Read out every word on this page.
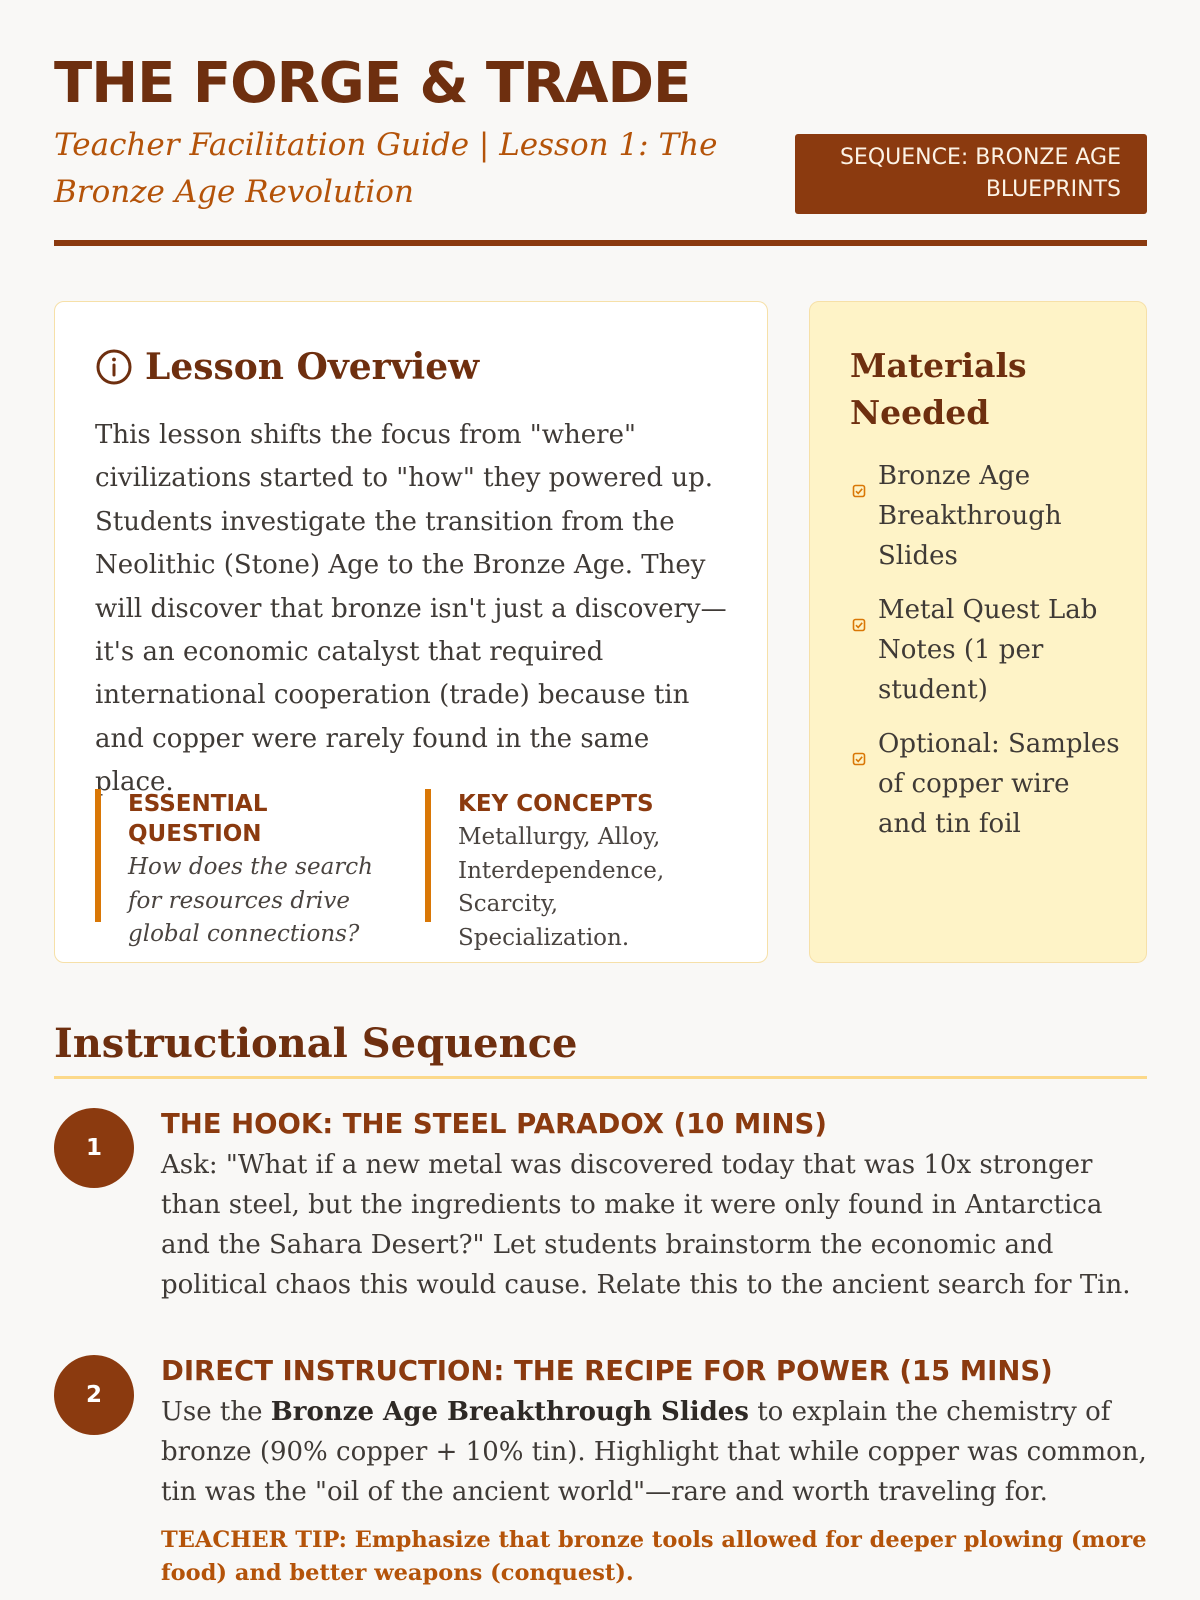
THE FORGE & TRADE

Teacher Facilitation Guide | Lesson 1: The Bronze Age Revolution

SEQUENCE: BRONZE AGE BLUEPRINTS
Lesson Overview

This lesson shifts the focus from "where" civilizations started to "how" they powered up. Students investigate the transition from the Neolithic (Stone) Age to the Bronze Age. They will discover that bronze isn't just a discovery—it's an economic catalyst that required international cooperation (trade) because tin and copper were rarely found in the same place.

ESSENTIAL QUESTION

How does the search for resources drive global connections?

KEY CONCEPTS

Metallurgy, Alloy, Interdependence, Scarcity, Specialization.

Materials Needed
Bronze Age Breakthrough Slides
Metal Quest Lab Notes (1 per student)
Optional: Samples of copper wire and tin foil
Instructional Sequence
1
THE HOOK: THE STEEL PARADOX (10 MINS)

Ask: "What if a new metal was discovered today that was 10x stronger than steel, but the ingredients to make it were only found in Antarctica and the Sahara Desert?" Let students brainstorm the economic and political chaos this would cause. Relate this to the ancient search for Tin.

2
DIRECT INSTRUCTION: THE RECIPE FOR POWER (15 MINS)

Use the Bronze Age Breakthrough Slides to explain the chemistry of bronze (90% copper + 10% tin). Highlight that while copper was common, tin was the "oil of the ancient world"—rare and worth traveling for.

TEACHER TIP: Emphasize that bronze tools allowed for deeper plowing (more food) and better weapons (conquest).
